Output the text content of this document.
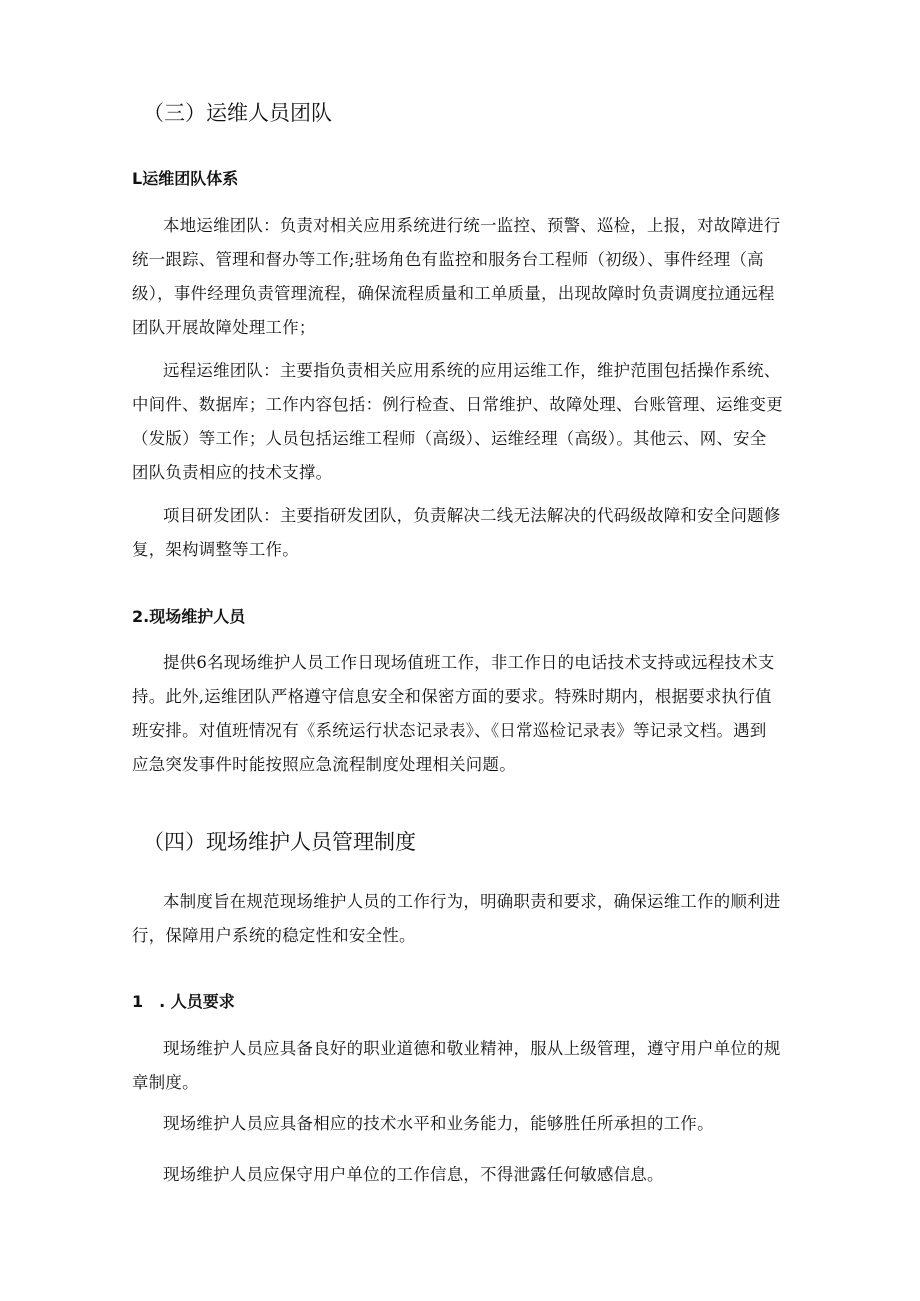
（三）运维人员团队
L运维团队体系

本地运维团队：负责对相关应用系统进行统一监控、预警、巡检，上报，对故障进行

统一跟踪、管理和督办等工作;驻场角色有监控和服务台工程师（初级）、事件经理（高

级），事件经理负责管理流程，确保流程质量和工单质量，出现故障时负责调度拉通远程

团队开展故障处理工作；

远程运维团队：主要指负责相关应用系统的应用运维工作，维护范围包括操作系统、

中间件、数据库；工作内容包括：例行检查、日常维护、故障处理、台账管理、运维变更

（发版）等工作；人员包括运维工程师（高级）、运维经理（高级）。其他云、网、安全

团队负责相应的技术支撑。

项目研发团队：主要指研发团队，负责解决二线无法解决的代码级故障和安全问题修

复，架构调整等工作。

2.现场维护人员

提供6名现场维护人员工作日现场值班工作，非工作日的电话技术支持或远程技术支

持。此外,运维团队严格遵守信息安全和保密方面的要求。特殊时期内，根据要求执行值

班安排。对值班情况有《系统运行状态记录表》、《日常巡检记录表》等记录文档。遇到

应急突发事件时能按照应急流程制度处理相关问题。

（四）现场维护人员管理制度

本制度旨在规范现场维护人员的工作行为，明确职责和要求，确保运维工作的顺利进

行，保障用户系统的稳定性和安全性。

1　. 人员要求

现场维护人员应具备良好的职业道德和敬业精神，服从上级管理，遵守用户单位的规

章制度。

现场维护人员应具备相应的技术水平和业务能力，能够胜任所承担的工作。

现场维护人员应保守用户单位的工作信息，不得泄露任何敏感信息。
